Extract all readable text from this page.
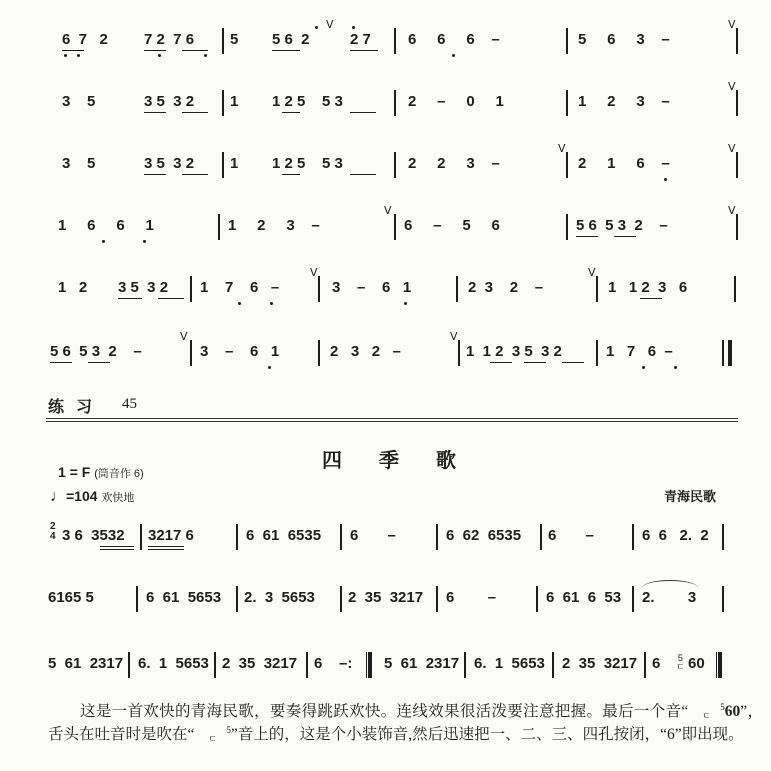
6  7   2 7 2  7 6 5 5 6  2
V
2 7 6     6     6    –	5     6     3    –
V
3    5	3 5  3 2 1 1 2 5    5 3	2     –     0     1	1     2     3    –
V
3    5	3 5  3 2 1 1 2 5    5 3	2     2     3    –
V
2     1     6    –
V
1     6     6     1	1     2     3    –
V
6     –     5     6	5 6  5 3  2    –
V
1   2 3 5  3 2 1    7    6   –
V
3    –    6   1	2  3    2    –
V
1   1 2  3   6
5 6  5 3  2    –
V
3    –    6   1	2   3   2   –
V
1  1 2  3 5  3 2	1   7   6  –
练 习 45
四 季 歌
1 = F (筒音作 6)
♩=104 欢快地	青海民歌
2
4 3 6  3532 3217 6	6  61  6535 6       –	6  62  6535 6       –	6  6   2.  2
6165 5	6  61  5653 2.  3  5653 2  35  3217 6        –	6  61  6  53 2.        3
5  61  2317 6.  1  5653 2  35  3217 6    –: 5  61  2317 6.  1  5653 2  35  3217 6 5
ㄷ 60
这是一首欢快的青海民歌，要奏得跳跃欢快。连线效果很活泼要注意把握。最后一个音“	5
ㄷ 60”，舌头在吐音时是吹在“	5
ㄷ ”音上的，这是个小装饰音,然后迅速把一、二、三、四孔按闭，“6”即出现。
